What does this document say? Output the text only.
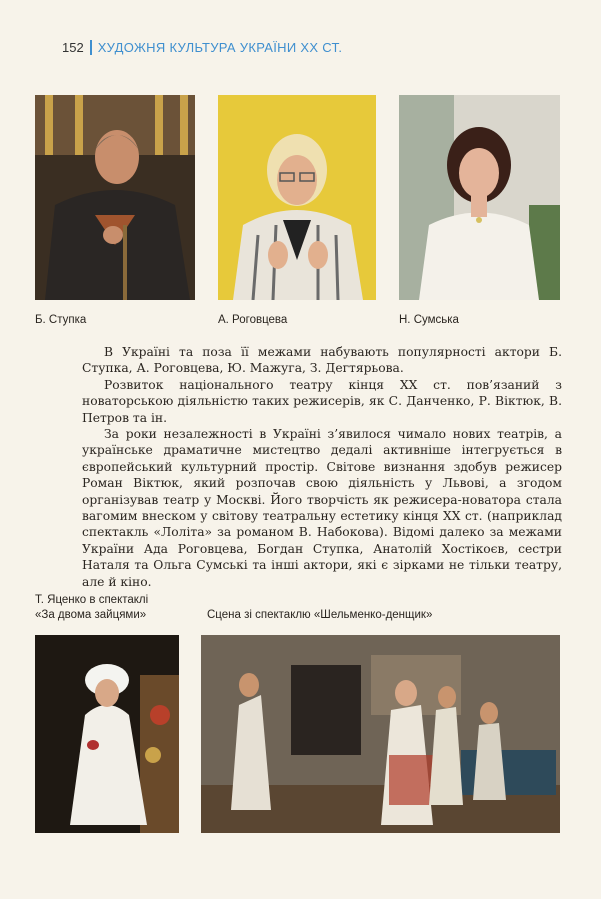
152 ХУДОЖНЯ КУЛЬТУРА УКРАЇНИ ХХ СТ.
Б. Ступка	А. Роговцева	Н. Сумська

В Україні та поза її межами набувають популярності актори Б. Ступка, А. Роговцева, Ю. Мажуга, З. Дегтярьова.

Розвиток національного театру кінця ХХ ст. пов’язаний з новаторською діяльністю таких режисерів, як С. Данченко, Р. Віктюк, В. Петров та ін.

За роки незалежності в Україні з’явилося чимало нових театрів, а українське драматичне мистецтво дедалі активніше інтегрується в європейський культурний простір. Світове визнання здобув режисер Роман Віктюк, який розпочав свою діяльність у Львові, а згодом організував театр у Москві. Його творчість як режисера-новатора стала вагомим внеском у світову театральну естетику кінця ХХ ст. (наприклад спектакль «Лоліта» за романом В. Набокова). Відомі далеко за межами України Ада Роговцева, Богдан Ступка, Анатолій Хостікоєв, сестри Наталя та Ольга Сумські та інші актори, які є зірками не тільки театру, але й кіно.

Т. Яценко в спектаклі
«За двома зайцями»	Сцена зі спектаклю «Шельменко-денщик»
